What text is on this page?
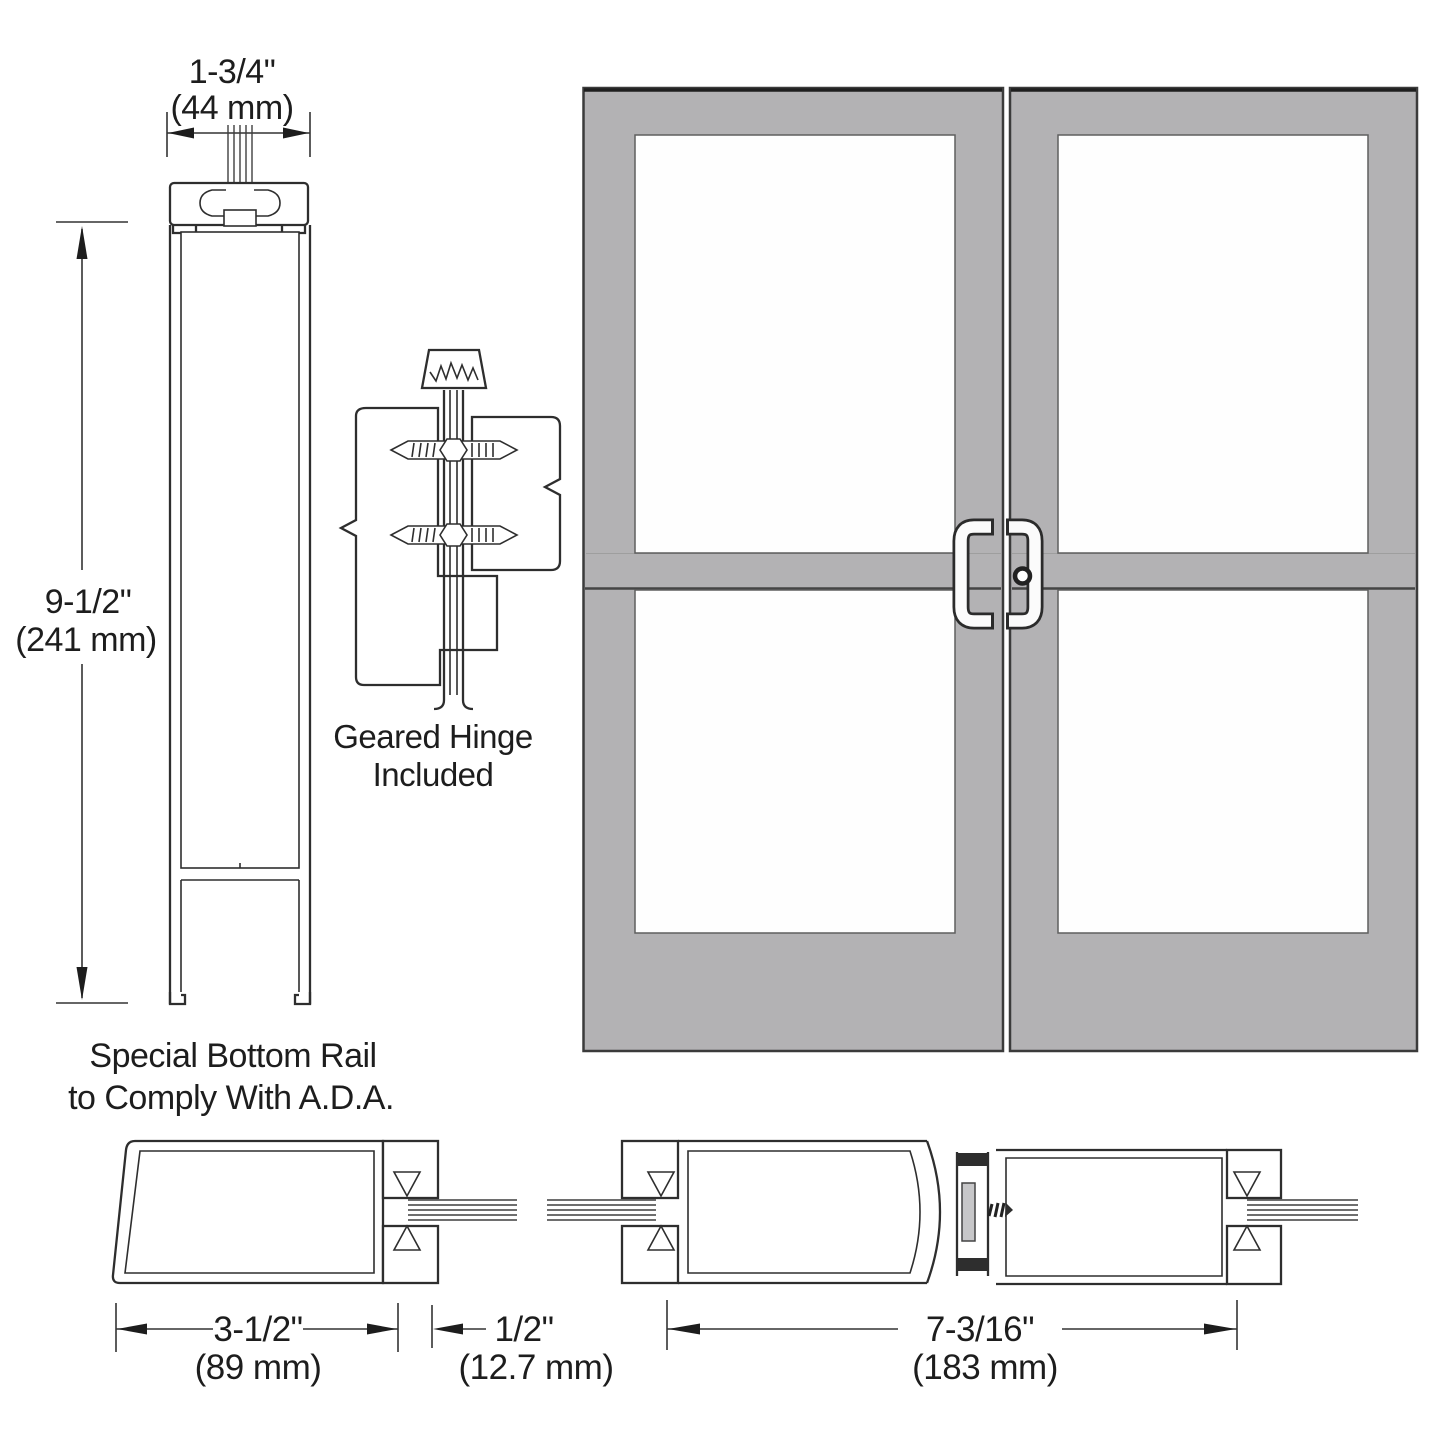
1-3/4"
(44 mm)
9-1/2"
(241 mm)
Geared Hinge
Included
Special Bottom Rail
to Comply With A.D.A.
3-1/2"
(89 mm)
1/2"
(12.7 mm)
7-3/16"
(183 mm)
